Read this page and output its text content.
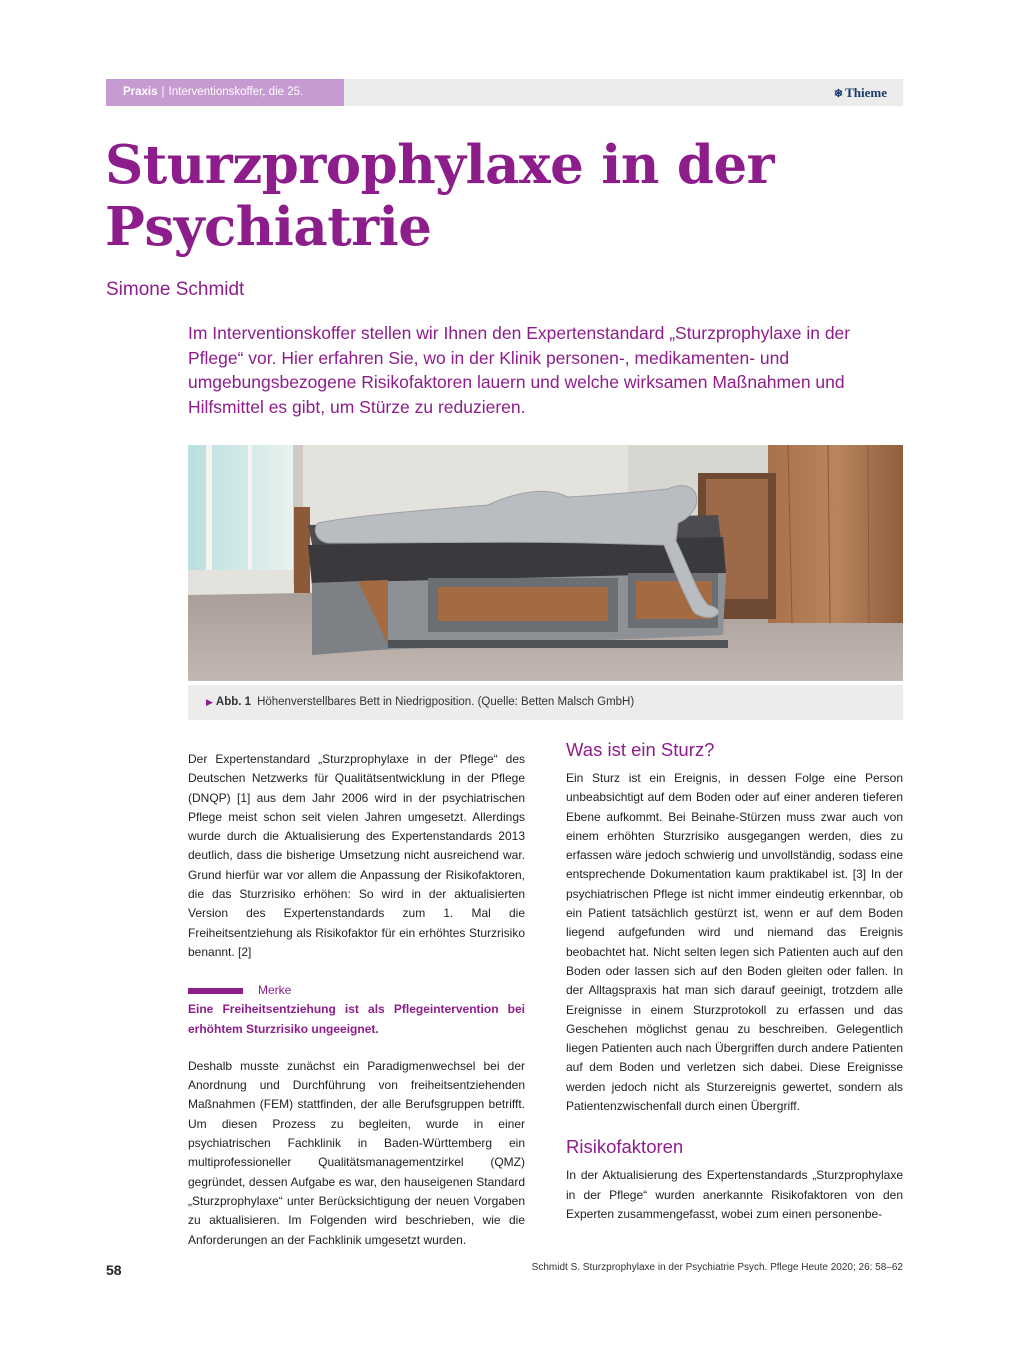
Praxis | Interventionskoffer, die 25.	❄ Thieme
Sturzprophylaxe in der Psychiatrie
Simone Schmidt

Im Interventionskoffer stellen wir Ihnen den Expertenstandard „Sturzprophylaxe in der Pflege“ vor. Hier erfahren Sie, wo in der Klinik personen-, medikamenten- und umgebungsbezogene Risikofaktoren lauern und welche wirksamen Maßnahmen und Hilfsmittel es gibt, um Stürze zu reduzieren.

▶ Abb. 1 Höhenverstellbares Bett in Niedrigposition. (Quelle: Betten Malsch GmbH)

Der Expertenstandard „Sturzprophylaxe in der Pflege“ des Deutschen Netzwerks für Qualitätsentwicklung in der Pflege (DNQP) [1] aus dem Jahr 2006 wird in der psychiatrischen Pflege meist schon seit vielen Jahren umgesetzt. Allerdings wurde durch die Aktualisierung des Expertenstandards 2013 deutlich, dass die bisherige Umsetzung nicht ausreichend war. Grund hierfür war vor allem die Anpassung der Risikofaktoren, die das Sturzrisiko erhöhen: So wird in der aktualisierten Version des Expertenstandards zum 1. Mal die Freiheitsentziehung als Risikofaktor für ein erhöhtes Sturzrisiko benannt. [2]

Merke

Eine Freiheitsentziehung ist als Pflegeintervention bei erhöhtem Sturzrisiko ungeeignet.

Deshalb musste zunächst ein Paradigmenwechsel bei der Anordnung und Durchführung von freiheitsentziehenden Maßnahmen (FEM) stattfinden, der alle Berufsgruppen betrifft. Um diesen Prozess zu begleiten, wurde in einer psychiatrischen Fachklinik in Baden-Württemberg ein multiprofessioneller Qualitätsmanagementzirkel (QMZ) gegründet, dessen Aufgabe es war, den hauseigenen Standard „Sturzprophylaxe“ unter Berücksichtigung der neuen Vorgaben zu aktualisieren. Im Folgenden wird beschrieben, wie die Anforderungen an der Fachklinik umgesetzt wurden.

Was ist ein Sturz?

Ein Sturz ist ein Ereignis, in dessen Folge eine Person unbeabsichtigt auf dem Boden oder auf einer anderen tieferen Ebene aufkommt. Bei Beinahe-Stürzen muss zwar auch von einem erhöhten Sturzrisiko ausgegangen werden, dies zu erfassen wäre jedoch schwierig und unvollständig, sodass eine entsprechende Dokumentation kaum praktikabel ist. [3] In der psychiatrischen Pflege ist nicht immer eindeutig erkennbar, ob ein Patient tatsächlich gestürzt ist, wenn er auf dem Boden liegend aufgefunden wird und niemand das Ereignis beobachtet hat. Nicht selten legen sich Patienten auch auf den Boden oder lassen sich auf den Boden gleiten oder fallen. In der Alltagspraxis hat man sich darauf geeinigt, trotzdem alle Ereignisse in einem Sturzprotokoll zu erfassen und das Geschehen möglichst genau zu beschreiben. Gelegentlich liegen Patienten auch nach Übergriffen durch andere Patienten auf dem Boden und verletzen sich dabei. Diese Ereignisse werden jedoch nicht als Sturzereignis gewertet, sondern als Patientenzwischenfall durch einen Übergriff.

Risikofaktoren

In der Aktualisierung des Expertenstandards „Sturzprophylaxe in der Pflege“ wurden anerkannte Risikofaktoren von den Experten zusammengefasst, wobei zum einen personenbe-

58	Schmidt S. Sturzprophylaxe in der Psychiatrie Psych. Pflege Heute 2020; 26: 58–62
